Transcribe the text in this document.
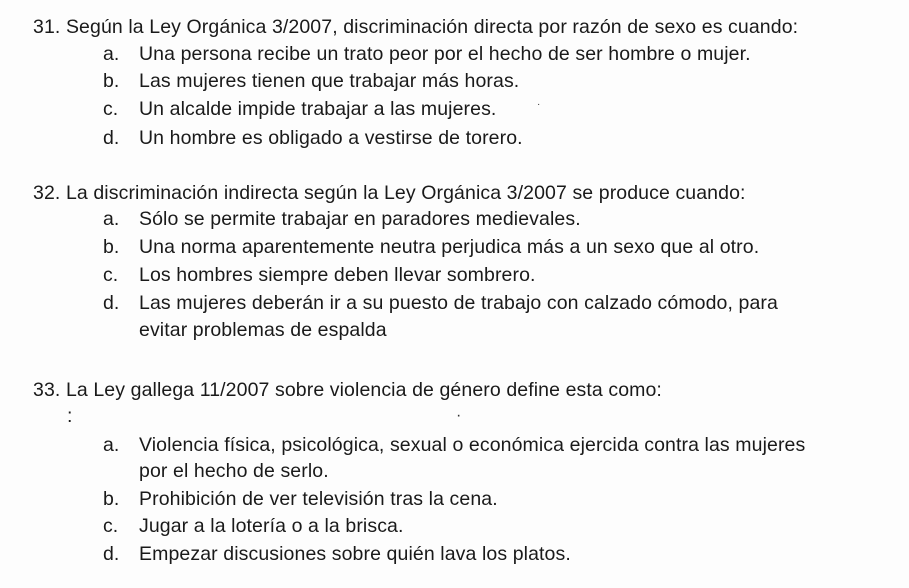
31. Según la Ley Orgánica 3/2007, discriminación directa por razón de sexo es cuando:
a. Una persona recibe un trato peor por el hecho de ser hombre o mujer.
b. Las mujeres tienen que trabajar más horas.
c. Un alcalde impide trabajar a las mujeres.
d. Un hombre es obligado a vestirse de torero.
32. La discriminación indirecta según la Ley Orgánica 3/2007 se produce cuando:
a. Sólo se permite trabajar en paradores medievales.
b. Una norma aparentemente neutra perjudica más a un sexo que al otro.
c. Los hombres siempre deben llevar sombrero.
d. Las mujeres deberán ir a su puesto de trabajo con calzado cómodo, para
evitar problemas de espalda
33. La Ley gallega 11/2007 sobre violencia de género define esta como:
:
a. Violencia física, psicológica, sexual o económica ejercida contra las mujeres
por el hecho de serlo.
b. Prohibición de ver televisión tras la cena.
c. Jugar a la lotería o a la brisca.
d. Empezar discusiones sobre quién lava los platos.
·
·
